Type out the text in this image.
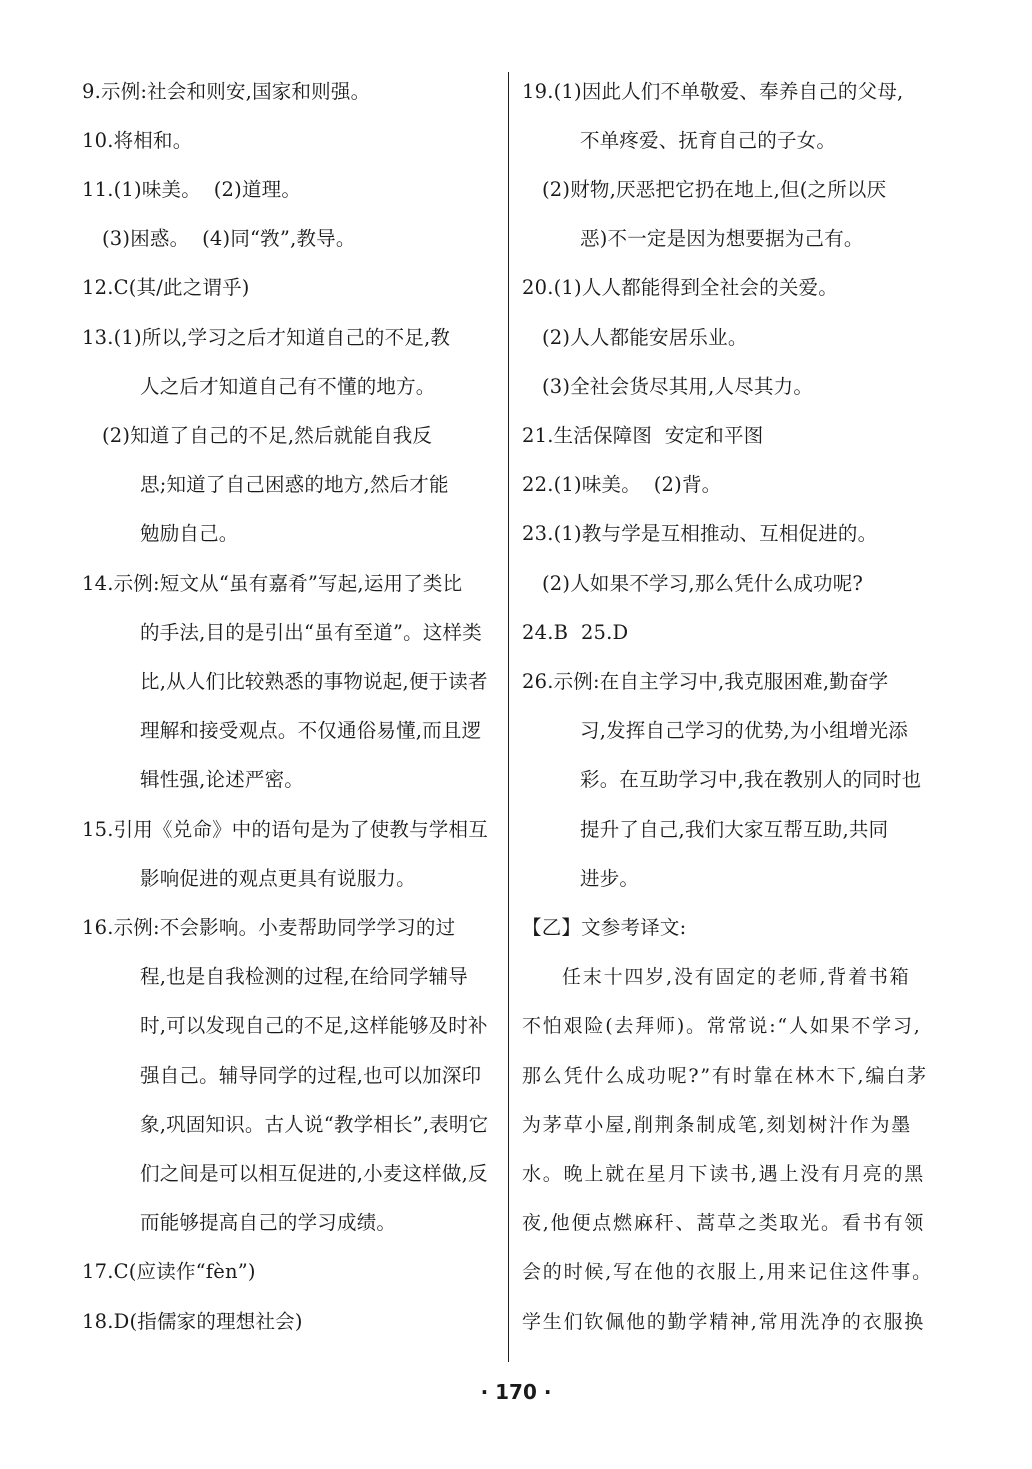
9.示例:社会和则安,国家和则强。
10.将相和。
11.(1)味美。  (2)道理。
(3)困惑。  (4)同“敩”,教导。
12.C(其/此之谓乎)
13.(1)所以,学习之后才知道自己的不足,教
人之后才知道自己有不懂的地方。
(2)知道了自己的不足,然后就能自我反
思;知道了自己困惑的地方,然后才能
勉励自己。
14.示例:短文从“虽有嘉肴”写起,运用了类比
的手法,目的是引出“虽有至道”。这样类
比,从人们比较熟悉的事物说起,便于读者
理解和接受观点。不仅通俗易懂,而且逻
辑性强,论述严密。
15.引用《兑命》中的语句是为了使教与学相互
影响促进的观点更具有说服力。
16.示例:不会影响。小麦帮助同学学习的过
程,也是自我检测的过程,在给同学辅导
时,可以发现自己的不足,这样能够及时补
强自己。辅导同学的过程,也可以加深印
象,巩固知识。古人说“教学相长”,表明它
们之间是可以相互促进的,小麦这样做,反
而能够提高自己的学习成绩。
17.C(应读作“fèn”)
18.D(指儒家的理想社会)
19.(1)因此人们不单敬爱、奉养自己的父母,
不单疼爱、抚育自己的子女。
(2)财物,厌恶把它扔在地上,但(之所以厌
恶)不一定是因为想要据为己有。
20.(1)人人都能得到全社会的关爱。
(2)人人都能安居乐业。
(3)全社会货尽其用,人尽其力。
21.生活保障图  安定和平图
22.(1)味美。  (2)背。
23.(1)教与学是互相推动、互相促进的。
(2)人如果不学习,那么凭什么成功呢?
24.B  25.D
26.示例:在自主学习中,我克服困难,勤奋学
习,发挥自己学习的优势,为小组增光添
彩。在互助学习中,我在教别人的同时也
提升了自己,我们大家互帮互助,共同
进步。
【乙】文参考译文:
任末十四岁,没有固定的老师,背着书箱
不怕艰险(去拜师)。常常说:“人如果不学习,
那么凭什么成功呢?”有时靠在林木下,编白茅
为茅草小屋,削荆条制成笔,刻划树汁作为墨
水。晚上就在星月下读书,遇上没有月亮的黑
夜,他便点燃麻秆、蒿草之类取光。看书有领
会的时候,写在他的衣服上,用来记住这件事。
学生们钦佩他的勤学精神,常用洗净的衣服换
· 170 ·
